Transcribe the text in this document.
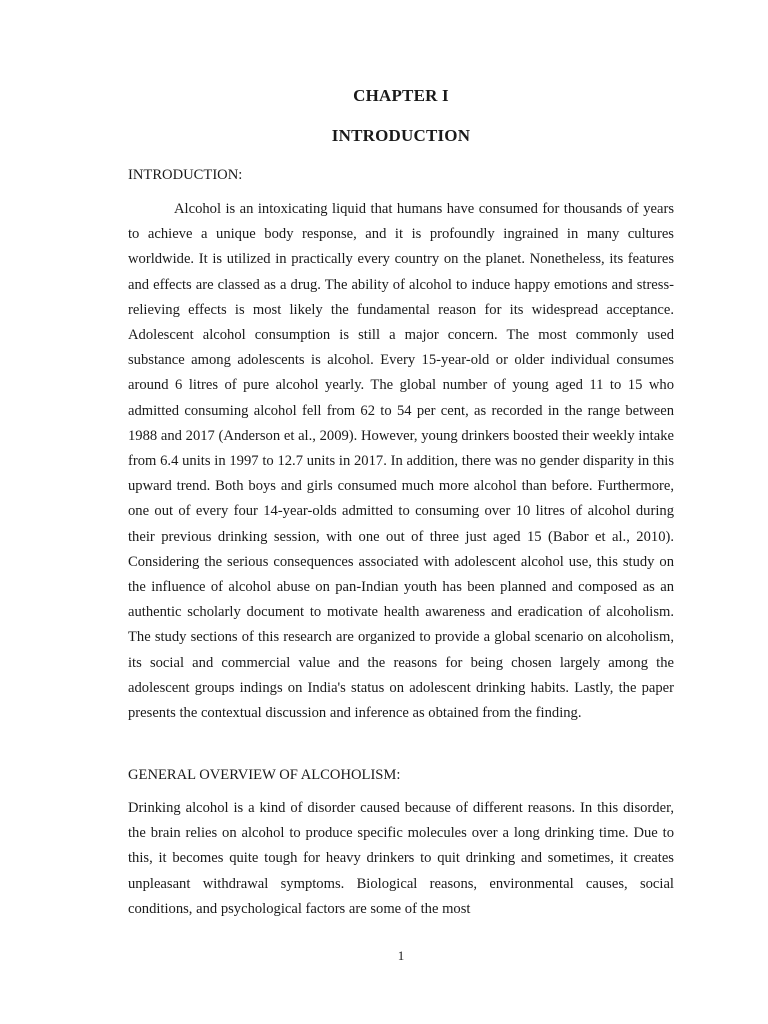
CHAPTER I
INTRODUCTION
INTRODUCTION:

Alcohol is an intoxicating liquid that humans have consumed for thousands of years to achieve a unique body response, and it is profoundly ingrained in many cultures worldwide. It is utilized in practically every country on the planet. Nonetheless, its features and effects are classed as a drug. The ability of alcohol to induce happy emotions and stress-relieving effects is most likely the fundamental reason for its widespread acceptance. Adolescent alcohol consumption is still a major concern. The most commonly used substance among adolescents is alcohol. Every 15-year-old or older individual consumes around 6 litres of pure alcohol yearly. The global number of young aged 11 to 15 who admitted consuming alcohol fell from 62 to 54 per cent, as recorded in the range between 1988 and 2017 (Anderson et al., 2009). However, young drinkers boosted their weekly intake from 6.4 units in 1997 to 12.7 units in 2017. In addition, there was no gender disparity in this upward trend. Both boys and girls consumed much more alcohol than before. Furthermore, one out of every four 14-year-olds admitted to consuming over 10 litres of alcohol during their previous drinking session, with one out of three just aged 15 (Babor et al., 2010). Considering the serious consequences associated with adolescent alcohol use, this study on the influence of alcohol abuse on pan-Indian youth has been planned and composed as an authentic scholarly document to motivate health awareness and eradication of alcoholism. The study sections of this research are organized to provide a global scenario on alcoholism, its social and commercial value and the reasons for being chosen largely among the adolescent groups indings on India's status on adolescent drinking habits. Lastly, the paper presents the contextual discussion and inference as obtained from the finding.

GENERAL OVERVIEW OF ALCOHOLISM:

Drinking alcohol is a kind of disorder caused because of different reasons. In this disorder, the brain relies on alcohol to produce specific molecules over a long drinking time. Due to this, it becomes quite tough for heavy drinkers to quit drinking and sometimes, it creates unpleasant withdrawal symptoms. Biological reasons, environmental causes, social conditions, and psychological factors are some of the most

1
